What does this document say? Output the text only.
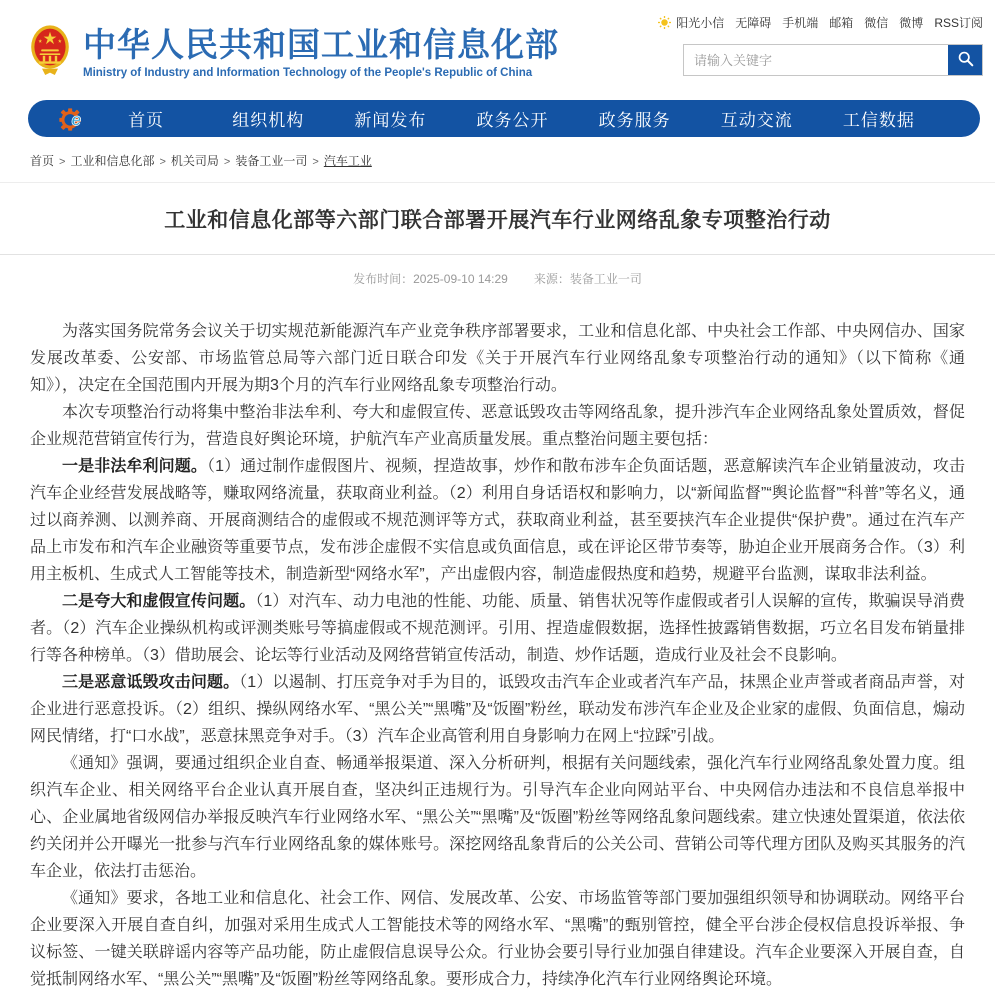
中华人民共和国工业和信息化部
Ministry of Industry and Information Technology of the People's Republic of China
阳光小信 无障碍 手机端 邮箱 微信 微博 RSS订阅
请输入关键字
e	首页	组织机构	新闻发布	政务公开	政务服务	互动交流	工信数据
首页 > 工业和信息化部 > 机关司局 > 装备工业一司 > 汽车工业
工业和信息化部等六部门联合部署开展汽车行业网络乱象专项整治行动
发布时间：2025-09-10 14:29 来源：装备工业一司

为落实国务院常务会议关于切实规范新能源汽车产业竞争秩序部署要求，工业和信息化部、中央社会工作部、中央网信办、国家发展改革委、公安部、市场监管总局等六部门近日联合印发《关于开展汽车行业网络乱象专项整治行动的通知》（以下简称《通知》），决定在全国范围内开展为期3个月的汽车行业网络乱象专项整治行动。

本次专项整治行动将集中整治非法牟利、夸大和虚假宣传、恶意诋毁攻击等网络乱象，提升涉汽车企业网络乱象处置质效，督促企业规范营销宣传行为，营造良好舆论环境，护航汽车产业高质量发展。重点整治问题主要包括：

一是非法牟利问题。（1）通过制作虚假图片、视频，捏造故事，炒作和散布涉车企负面话题，恶意解读汽车企业销量波动，攻击汽车企业经营发展战略等，赚取网络流量，获取商业利益。（2）利用自身话语权和影响力，以“新闻监督”“舆论监督”“科普”等名义，通过以商养测、以测养商、开展商测结合的虚假或不规范测评等方式，获取商业利益，甚至要挟汽车企业提供“保护费”。通过在汽车产品上市发布和汽车企业融资等重要节点，发布涉企虚假不实信息或负面信息，或在评论区带节奏等，胁迫企业开展商务合作。（3）利用主板机、生成式人工智能等技术，制造新型“网络水军”，产出虚假内容，制造虚假热度和趋势，规避平台监测，谋取非法利益。

二是夸大和虚假宣传问题。（1）对汽车、动力电池的性能、功能、质量、销售状况等作虚假或者引人误解的宣传，欺骗误导消费者。（2）汽车企业操纵机构或评测类账号等搞虚假或不规范测评。引用、捏造虚假数据，选择性披露销售数据，巧立名目发布销量排行等各种榜单。（3）借助展会、论坛等行业活动及网络营销宣传活动，制造、炒作话题，造成行业及社会不良影响。

三是恶意诋毁攻击问题。（1）以遏制、打压竞争对手为目的，诋毁攻击汽车企业或者汽车产品，抹黑企业声誉或者商品声誉，对企业进行恶意投诉。（2）组织、操纵网络水军、“黑公关”“黑嘴”及“饭圈”粉丝，联动发布涉汽车企业及企业家的虚假、负面信息，煽动网民情绪，打“口水战”，恶意抹黑竞争对手。（3）汽车企业高管利用自身影响力在网上“拉踩”引战。

《通知》强调，要通过组织企业自查、畅通举报渠道、深入分析研判，根据有关问题线索，强化汽车行业网络乱象处置力度。组织汽车企业、相关网络平台企业认真开展自查，坚决纠正违规行为。引导汽车企业向网站平台、中央网信办违法和不良信息举报中心、企业属地省级网信办举报反映汽车行业网络水军、“黑公关”“黑嘴”及“饭圈”粉丝等网络乱象问题线索。建立快速处置渠道，依法依约关闭并公开曝光一批参与汽车行业网络乱象的媒体账号。深挖网络乱象背后的公关公司、营销公司等代理方团队及购买其服务的汽车企业，依法打击惩治。

《通知》要求，各地工业和信息化、社会工作、网信、发展改革、公安、市场监管等部门要加强组织领导和协调联动。网络平台企业要深入开展自查自纠，加强对采用生成式人工智能技术等的网络水军、“黑嘴”的甄别管控，健全平台涉企侵权信息投诉举报、争议标签、一键关联辟谣内容等产品功能，防止虚假信息误导公众。行业协会要引导行业加强自律建设。汽车企业要深入开展自查，自觉抵制网络水军、“黑公关”“黑嘴”及“饭圈”粉丝等网络乱象。要形成合力，持续净化汽车行业网络舆论环境。
